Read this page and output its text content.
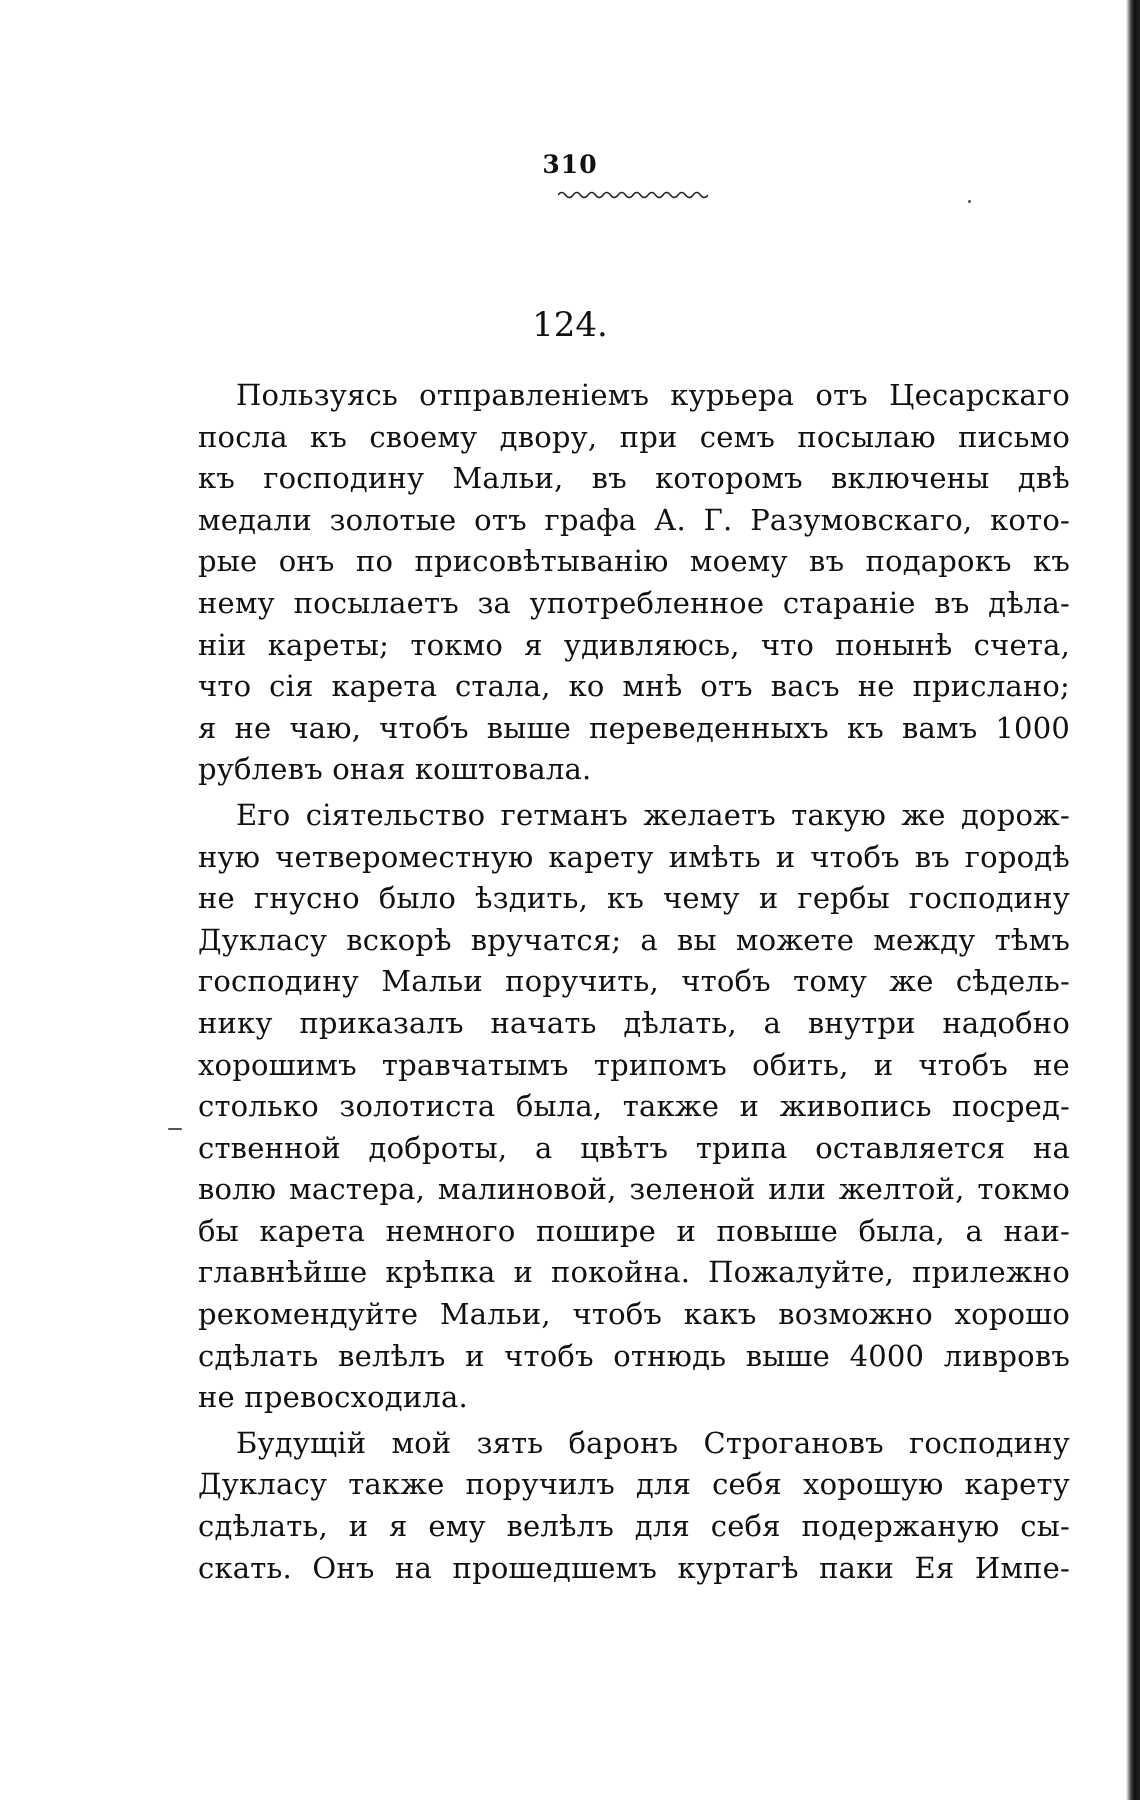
310
124.
Пользуясь отправленіемъ курьера отъ Цесарскаго
посла къ своему двору, при семъ посылаю письмо
къ господину Мальи, въ которомъ включены двѣ
медали золотые отъ графа А. Г. Разумовскаго, кото-
рые онъ по присовѣтыванію моему въ подарокъ къ
нему посылаетъ за употребленное стараніе въ дѣла-
ніи кареты; токмо я удивляюсь, что понынѣ счета,
что сія карета стала, ко мнѣ отъ васъ не прислано;
я не чаю, чтобъ выше переведенныхъ къ вамъ 1000
рублевъ оная коштовала.
Его сіятельство гетманъ желаетъ такую же дорож-
ную четвероместную карету имѣть и чтобъ въ городѣ
не гнусно было ѣздить, къ чему и гербы господину
Дукласу вскорѣ вручатся; а вы можете между тѣмъ
господину Мальи поручить, чтобъ тому же сѣдель-
нику приказалъ начать дѣлать, а внутри надобно
хорошимъ травчатымъ трипомъ обить, и чтобъ не
столько золотиста была, также и живопись посред-
ственной доброты, а цвѣтъ трипа оставляется на
волю мастера, малиновой, зеленой или желтой, токмо
бы карета немного пошире и повыше была, а наи-
главнѣйше крѣпка и покойна. Пожалуйте, прилежно
рекомендуйте Мальи, чтобъ какъ возможно хорошо
сдѣлать велѣлъ и чтобъ отнюдь выше 4000 ливровъ
не превосходила.
Будущій мой зять баронъ Строгановъ господину
Дукласу также поручилъ для себя хорошую карету
сдѣлать, и я ему велѣлъ для себя подержаную сы-
скать. Онъ на прошедшемъ куртагѣ паки Ея Импе-
